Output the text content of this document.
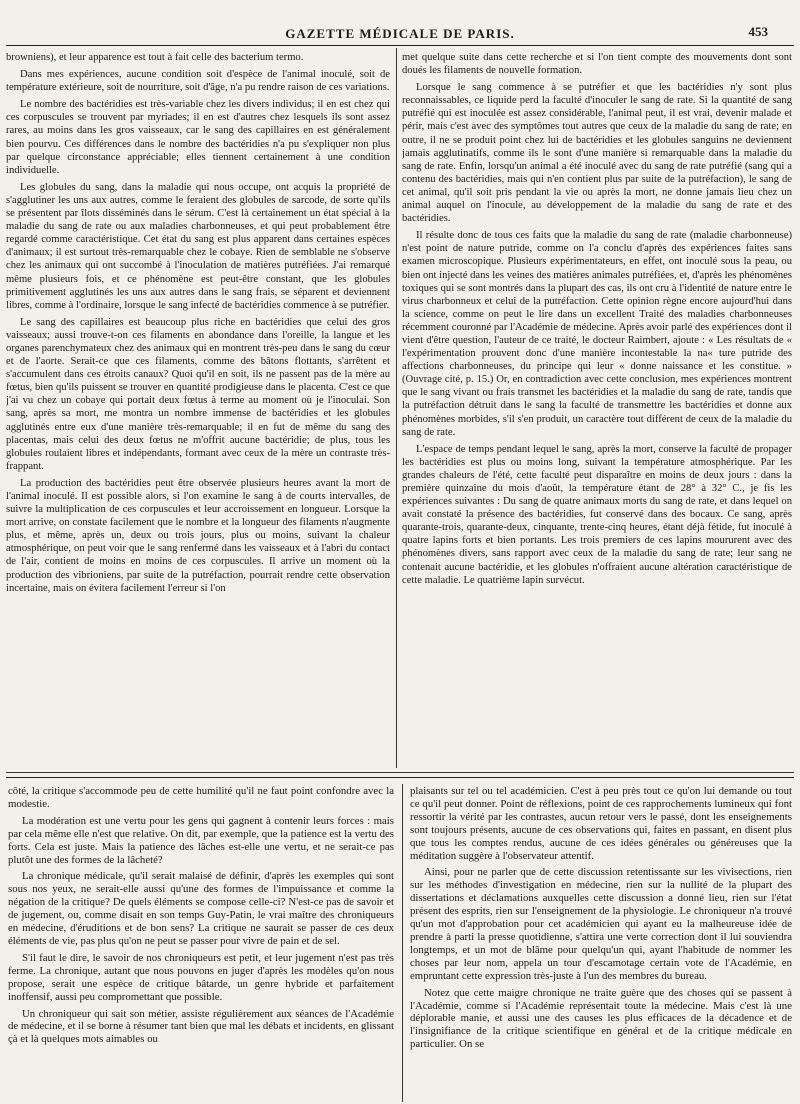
GAZETTE MÉDICALE DE PARIS.	453

browniens), et leur apparence est tout à fait celle des bacterium termo.

Dans mes expériences, aucune condition soit d'espèce de l'animal inoculé, soit de température extérieure, soit de nourriture, soit d'âge, n'a pu rendre raison de ces variations.

Le nombre des bactéridies est très-variable chez les divers individus; il en est chez qui ces corpuscules se trouvent par myriades; il en est d'autres chez lesquels ils sont assez rares, au moins dans les gros vaisseaux, car le sang des capillaires en est généralement bien pourvu. Ces différences dans le nombre des bactéridies n'a pu s'expliquer non plus par quelque circonstance appréciable; elles tiennent certainement à une condition individuelle.

Les globules du sang, dans la maladie qui nous occupe, ont acquis la propriété de s'agglutiner les uns aux autres, comme le feraient des globules de sarcode, de sorte qu'ils se présentent par îlots disséminés dans le sérum. C'est là certainement un état spécial à la maladie du sang de rate ou aux maladies charbonneuses, et qui peut probablement être regardé comme caractéristique. Cet état du sang est plus apparent dans certaines espèces d'animaux; il est surtout très-remarquable chez le cobaye. Rien de semblable ne s'observe chez les animaux qui ont succombé à l'inoculation de matières putréfiées. J'ai remarqué même plusieurs fois, et ce phénomène est peut-être constant, que les globules primitivement agglutinés les uns aux autres dans le sang frais, se séparent et deviennent libres, comme à l'ordinaire, lorsque le sang infecté de bactéridies commence à se putréfier.

Le sang des capillaires est beaucoup plus riche en bactéridies que celui des gros vaisseaux; aussi trouve-t-on ces filaments en abondance dans l'oreille, la langue et les organes parenchymateux chez des animaux qui en montrent très-peu dans le sang du cœur et de l'aorte. Serait-ce que ces filaments, comme des bâtons flottants, s'arrêtent et s'accumulent dans ces étroits canaux? Quoi qu'il en soit, ils ne passent pas de la mère au fœtus, bien qu'ils puissent se trouver en quantité prodigieuse dans le placenta. C'est ce que j'ai vu chez un cobaye qui portait deux fœtus à terme au moment où je l'inoculai. Son sang, après sa mort, me montra un nombre immense de bactéridies et les globules agglutinés entre eux d'une manière très-remarquable; il en fut de même du sang des placentas, mais celui des deux fœtus ne m'offrit aucune bactéridie; de plus, tous les globules roulaient libres et indépendants, formant avec ceux de la mère un contraste très-frappant.

La production des bactéridies peut être observée plusieurs heures avant la mort de l'animal inoculé. Il est possible alors, si l'on examine le sang à de courts intervalles, de suivre la multiplication de ces corpuscules et leur accroissement en longueur. Lorsque la mort arrive, on constate facilement que le nombre et la longueur des filaments n'augmente plus, et même, après un, deux ou trois jours, plus ou moins, suivant la chaleur atmosphérique, on peut voir que le sang renfermé dans les vaisseaux et à l'abri du contact de l'air, contient de moins en moins de ces corpuscules. Il arrive un moment où la production des vibrioniens, par suite de la putréfaction, pourrait rendre cette observation incertaine, mais on évitera facilement l'erreur si l'on

met quelque suite dans cette recherche et si l'on tient compte des mouvements dont sont doués les filaments de nouvelle formation.

Lorsque le sang commence à se putréfier et que les bactéridies n'y sont plus reconnaissables, ce liquide perd la faculté d'inoculer le sang de rate. Si la quantité de sang putréfié qui est inoculée est assez considérable, l'animal peut, il est vrai, devenir malade et périr, mais c'est avec des symptômes tout autres que ceux de la maladie du sang de rate; en outre, il ne se produit point chez lui de bactéridies et les globules sanguins ne deviennent jamais agglutinatifs, comme ils le sont d'une manière si remarquable dans la maladie du sang de rate. Enfin, lorsqu'un animal a été inoculé avec du sang de rate putréfié (sang qui a contenu des bactéridies, mais qui n'en contient plus par suite de la putréfaction), le sang de cet animal, qu'il soit pris pendant la vie ou après la mort, ne donne jamais lieu chez un animal auquel on l'inocule, au développement de la maladie du sang de rate et des bactéridies.

Il résulte donc de tous ces faits que la maladie du sang de rate (maladie charbonneuse) n'est point de nature putride, comme on l'a conclu d'après des expériences faites sans examen microscopique. Plusieurs expérimentateurs, en effet, ont inoculé sous la peau, ou bien ont injecté dans les veines des matières animales putréfiées, et, d'après les phénomènes toxiques qui se sont montrés dans la plupart des cas, ils ont cru à l'identité de nature entre le virus charbonneux et celui de la putréfaction. Cette opinion règne encore aujourd'hui dans la science, comme on peut le lire dans un excellent Traité des maladies charbonneuses récemment couronné par l'Académie de médecine. Après avoir parlé des expériences dont il vient d'être question, l'auteur de ce traité, le docteur Raimbert, ajoute : « Les résultats de « l'expérimentation prouvent donc d'une manière incontestable la na« ture putride des affections charbonneuses, du principe qui leur « donne naissance et les constitue. » (Ouvrage cité, p. 15.) Or, en contradiction avec cette conclusion, mes expériences montrent que le sang vivant ou frais transmet les bactéridies et la maladie du sang de rate, tandis que la putréfaction détruit dans le sang la faculté de transmettre les bactéridies et donne aux phénomènes morbides, s'il s'en produit, un caractère tout différent de ceux de la maladie du sang de rate.

L'espace de temps pendant lequel le sang, après la mort, conserve la faculté de propager les bactéridies est plus ou moins long, suivant la température atmosphérique. Par les grandes chaleurs de l'été, cette faculté peut disparaître en moins de deux jours : dans la première quinzaine du mois d'août, la température étant de 28° à 32° C., je fis les expériences suivantes : Du sang de quatre animaux morts du sang de rate, et dans lequel on avait constaté la présence des bactéridies, fut conservé dans des bocaux. Ce sang, après quarante-trois, quarante-deux, cinquante, trente-cinq heures, étant déjà fétide, fut inoculé à quatre lapins forts et bien portants. Les trois premiers de ces lapins moururent avec des phénomènes divers, sans rapport avec ceux de la maladie du sang de rate; leur sang ne contenait aucune bactéridie, et les globules n'offraient aucune altération caractéristique de cette maladie. Le quatrième lapin survécut.

côté, la critique s'accommode peu de cette humilité qu'il ne faut point confondre avec la modestie.

La modération est une vertu pour les gens qui gagnent à contenir leurs forces : mais par cela même elle n'est que relative. On dit, par exemple, que la patience est la vertu des forts. Cela est juste. Mais la patience des lâches est-elle une vertu, et ne serait-ce pas plutôt une des formes de la lâcheté?

La chronique médicale, qu'il serait malaisé de définir, d'après les exemples qui sont sous nos yeux, ne serait-elle aussi qu'une des formes de l'impuissance et comme la négation de la critique? De quels éléments se compose celle-ci? N'est-ce pas de savoir et de jugement, ou, comme disait en son temps Guy-Patin, le vrai maître des chroniqueurs en médecine, d'éruditions et de bon sens? La critique ne saurait se passer de ces deux éléments de vie, pas plus qu'on ne peut se passer pour vivre de pain et de sel.

S'il faut le dire, le savoir de nos chroniqueurs est petit, et leur jugement n'est pas très ferme. La chronique, autant que nous pouvons en juger d'après les modèles qu'on nous propose, serait une espèce de critique bâtarde, un genre hybride et parfaitement inoffensif, aussi peu compromettant que possible.

Un chroniqueur qui sait son métier, assiste régulièrement aux séances de l'Académie de médecine, et il se borne à résumer tant bien que mal les débats et incidents, en glissant çà et là quelques mots aimables ou

plaisants sur tel ou tel académicien. C'est à peu près tout ce qu'on lui demande ou tout ce qu'il peut donner. Point de réflexions, point de ces rapprochements lumineux qui font ressortir la vérité par les contrastes, aucun retour vers le passé, dont les enseignements sont toujours présents, aucune de ces observations qui, faites en passant, en disent plus que tous les comptes rendus, aucune de ces idées générales ou généreuses que la méditation suggère à l'observateur attentif.

Ainsi, pour ne parler que de cette discussion retentissante sur les vivisections, rien sur les méthodes d'investigation en médecine, rien sur la nullité de la plupart des dissertations et déclamations auxquelles cette discussion a donné lieu, rien sur l'état présent des esprits, rien sur l'enseignement de la physiologie. Le chroniqueur n'a trouvé qu'un mot d'approbation pour cet académicien qui ayant eu la malheureuse idée de prendre à parti la presse quotidienne, s'attira une verte correction dont il lui souviendra longtemps, et un mot de blâme pour quelqu'un qui, ayant l'habitude de nommer les choses par leur nom, appela un tour d'escamotage certain vote de l'Académie, en empruntant cette expression très-juste à l'un des membres du bureau.

Notez que cette maigre chronique ne traite guère que des choses qui se passent à l'Académie, comme si l'Académie représentait toute la médecine. Mais c'est là une déplorable manie, et aussi une des causes les plus efficaces de la décadence et de l'insignifiance de la critique scientifique en général et de la critique médicale en particulier. On se
